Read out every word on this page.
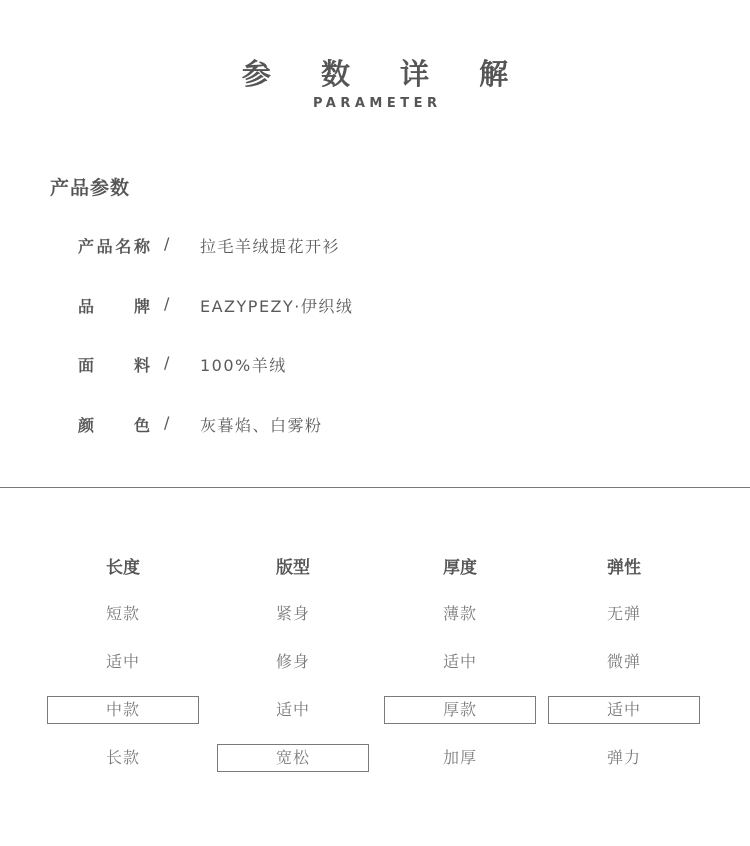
参 数 详 解
PARAMETER
产品参数
产 品 名 称 / 拉毛羊绒提花开衫
品 牌 / EAZYPEZY·伊织绒
面 料 / 100%羊绒
颜 色 / 灰暮焰、白雾粉
长度
短款
适中
中款
长款
版型
紧身
修身
适中
宽松
厚度
薄款
适中
厚款
加厚
弹性
无弹
微弹
适中
弹力
